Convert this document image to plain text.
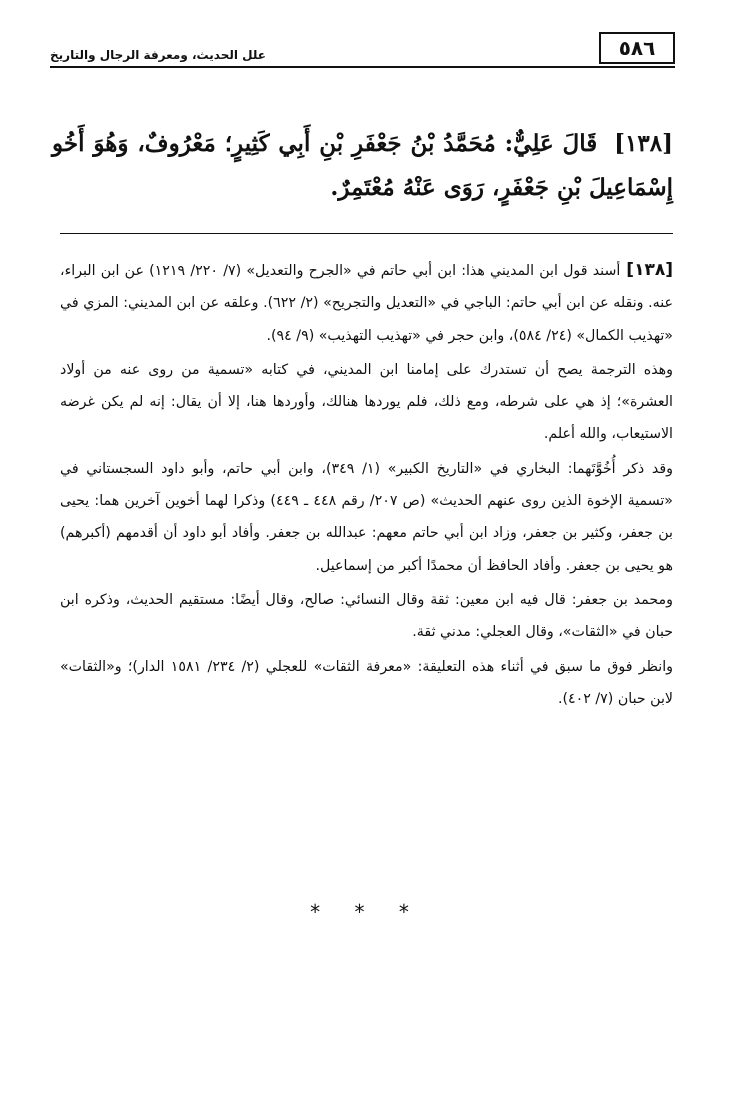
٥٨٦
علل الحديث، ومعرفة الرجال والتاريخ
[١٣٨] قَالَ عَلِيٌّ: مُحَمَّدُ بْنُ جَعْفَرِ بْنِ أَبِي كَثِيرٍ؛ مَعْرُوفٌ، وَهُوَ أَخُو إِسْمَاعِيلَ بْنِ جَعْفَرٍ، رَوَى عَنْهُ مُعْتَمِرٌ.

[١٣٨]أسند قول ابن المديني هذا: ابن أبي حاتم في «الجرح والتعديل» (٧/ ٢٢٠/ ١٢١٩) عن ابن البراء، عنه. ونقله عن ابن أبي حاتم: الباجي في «التعديل والتجريح» (٢/ ٦٢٢). وعلقه عن ابن المديني: المزي في «تهذيب الكمال» (٢٤/ ٥٨٤)، وابن حجر في «تهذيب التهذيب» (٩/ ٩٤).

وهذه الترجمة يصح أن تستدرك على إمامنا ابن المديني، في كتابه «تسمية من روى عنه من أولاد العشرة»؛ إذ هي على شرطه، ومع ذلك، فلم يوردها هنالك، وأوردها هنا، إلا أن يقال: إنه لم يكن غرضه الاستيعاب، والله أعلم.

وقد ذكر أُخُوَّتَهما: البخاري في «التاريخ الكبير» (١/ ٣٤٩)، وابن أبي حاتم، وأبو داود السجستاني في «تسمية الإخوة الذين روى عنهم الحديث» (ص ٢٠٧/ رقم ٤٤٨ ـ ٤٤٩) وذكرا لهما أخوين آخرين هما: يحيى بن جعفر، وكثير بن جعفر، وزاد ابن أبي حاتم معهم: عبدالله بن جعفر. وأفاد أبو داود أن أقدمهم (أكبرهم) هو يحيى بن جعفر. وأفاد الحافظ أن محمدًا أكبر من إسماعيل.

ومحمد بن جعفر: قال فيه ابن معين: ثقة وقال النسائي: صالح، وقال أيضًا: مستقيم الحديث، وذكره ابن حبان في «الثقات»، وقال العجلي: مدني ثقة.

وانظر فوق ما سبق في أثناء هذه التعليقة: «معرفة الثقات» للعجلي (٢/ ٢٣٤/ ١٥٨١ الدار)؛ و«الثقات» لابن حبان (٧/ ٤٠٢).

* * *
